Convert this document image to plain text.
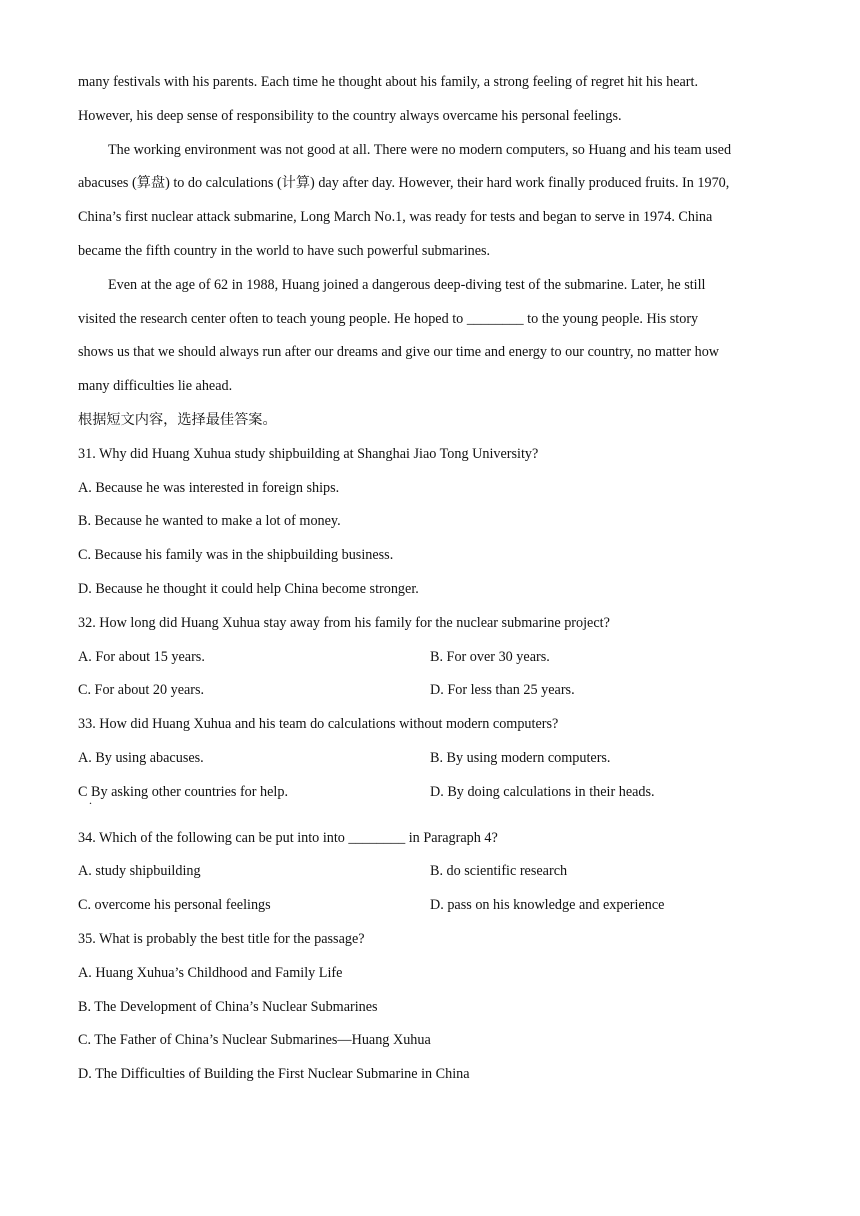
many festivals with his parents. Each time he thought about his family, a strong feeling of regret hit his heart.
However, his deep sense of responsibility to the country always overcame his personal feelings.
The working environment was not good at all. There were no modern computers, so Huang and his team used
abacuses (算盘) to do calculations (计算) day after day. However, their hard work finally produced fruits. In 1970,
China’s first nuclear attack submarine, Long March No.1, was ready for tests and began to serve in 1974. China
became the fifth country in the world to have such powerful submarines.
Even at the age of 62 in 1988, Huang joined a dangerous deep-diving test of the submarine. Later, he still
visited the research center often to teach young people. He hoped to ________ to the young people. His story
shows us that we should always run after our dreams and give our time and energy to our country, no matter how
many difficulties lie ahead.
根据短文内容，选择最佳答案。
31. Why did Huang Xuhua study shipbuilding at Shanghai Jiao Tong University?
A. Because he was interested in foreign ships.
B. Because he wanted to make a lot of money.
C. Because his family was in the shipbuilding business.
D. Because he thought it could help China become stronger.
32. How long did Huang Xuhua stay away from his family for the nuclear submarine project?
A. For about 15 years.	B. For over 30 years.
C. For about 20 years.	D. For less than 25 years.
33. How did Huang Xuhua and his team do calculations without modern computers?
A. By using abacuses.	B. By using modern computers.
C By asking other countries for help. .	D. By doing calculations in their heads.
34. Which of the following can be put into into ________ in Paragraph 4?
A. study shipbuilding	B. do scientific research
C. overcome his personal feelings	D. pass on his knowledge and experience
35. What is probably the best title for the passage?
A. Huang Xuhua’s Childhood and Family Life
B. The Development of China’s Nuclear Submarines
C. The Father of China’s Nuclear Submarines—Huang Xuhua
D. The Difficulties of Building the First Nuclear Submarine in China
